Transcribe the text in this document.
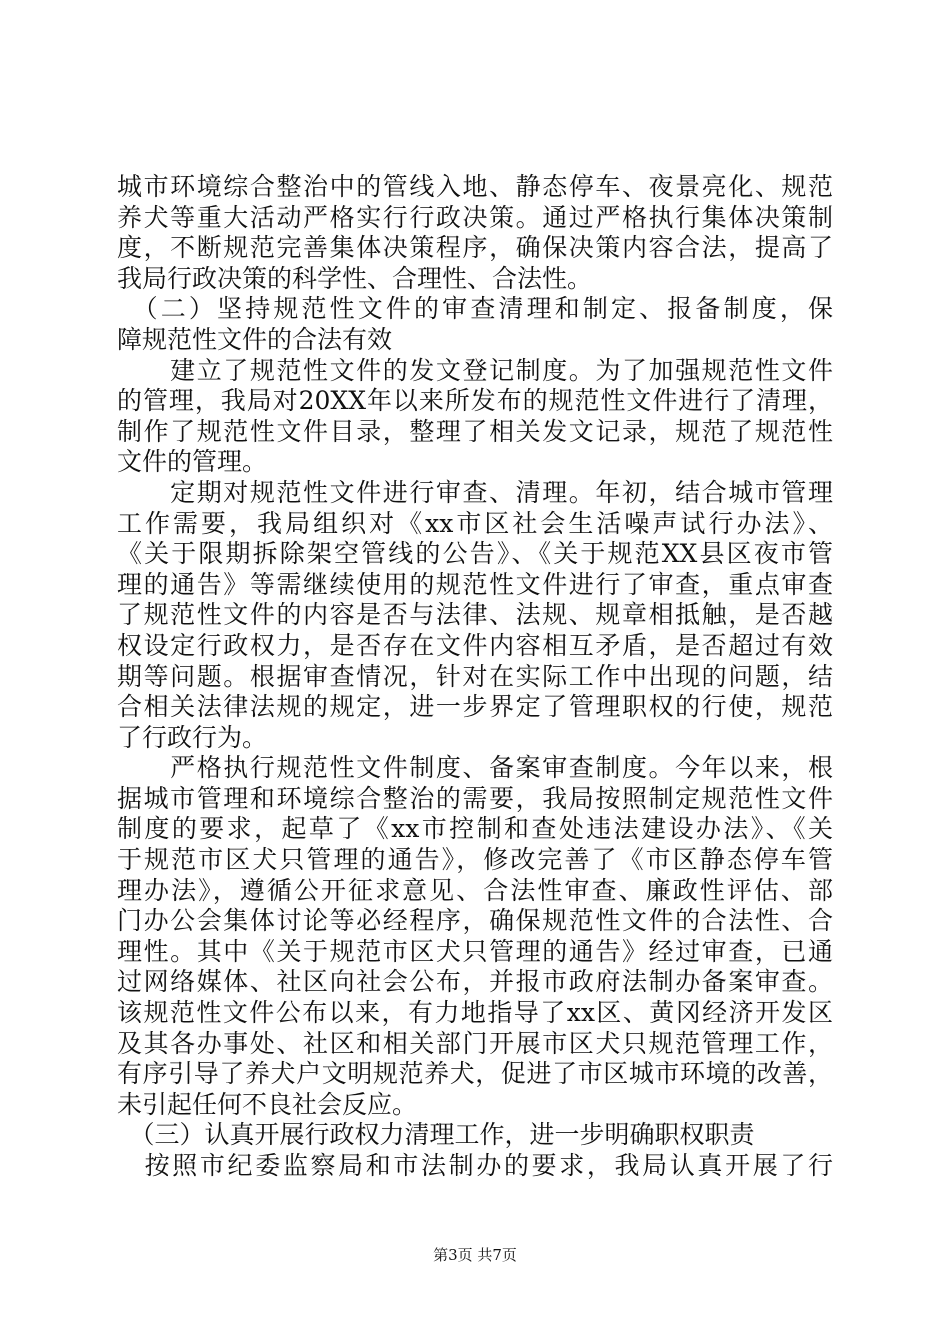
城市环境综合整治中的管线入地、静态停车、夜景亮化、规范
养犬等重大活动严格实行行政决策。通过严格执行集体决策制
度，不断规范完善集体决策程序，确保决策内容合法，提高了
我局行政决策的科学性、合理性、合法性。
　（二）坚持规范性文件的审查清理和制定、报备制度，保
障规范性文件的合法有效
　　建立了规范性文件的发文登记制度。为了加强规范性文件
的管理，我局对20XX年以来所发布的规范性文件进行了清理，
制作了规范性文件目录，整理了相关发文记录，规范了规范性
文件的管理。
　　定期对规范性文件进行审查、清理。年初，结合城市管理
工作需要，我局组织对《xx市区社会生活噪声试行办法》、
《关于限期拆除架空管线的公告》、《关于规范XX县区夜市管
理的通告》等需继续使用的规范性文件进行了审查，重点审查
了规范性文件的内容是否与法律、法规、规章相抵触，是否越
权设定行政权力，是否存在文件内容相互矛盾，是否超过有效
期等问题。根据审查情况，针对在实际工作中出现的问题，结
合相关法律法规的规定，进一步界定了管理职权的行使，规范
了行政行为。
　　严格执行规范性文件制度、备案审查制度。今年以来，根
据城市管理和环境综合整治的需要，我局按照制定规范性文件
制度的要求，起草了《xx市控制和查处违法建设办法》、《关
于规范市区犬只管理的通告》，修改完善了《市区静态停车管
理办法》，遵循公开征求意见、合法性审查、廉政性评估、部
门办公会集体讨论等必经程序，确保规范性文件的合法性、合
理性。其中《关于规范市区犬只管理的通告》经过审查，已通
过网络媒体、社区向社会公布，并报市政府法制办备案审查。
该规范性文件公布以来，有力地指导了xx区、黄冈经济开发区
及其各办事处、社区和相关部门开展市区犬只规范管理工作，
有序引导了养犬户文明规范养犬，促进了市区城市环境的改善，
未引起任何不良社会反应。
　（三）认真开展行政权力清理工作，进一步明确职权职责
　按照市纪委监察局和市法制办的要求，我局认真开展了行
第3页 共7页
